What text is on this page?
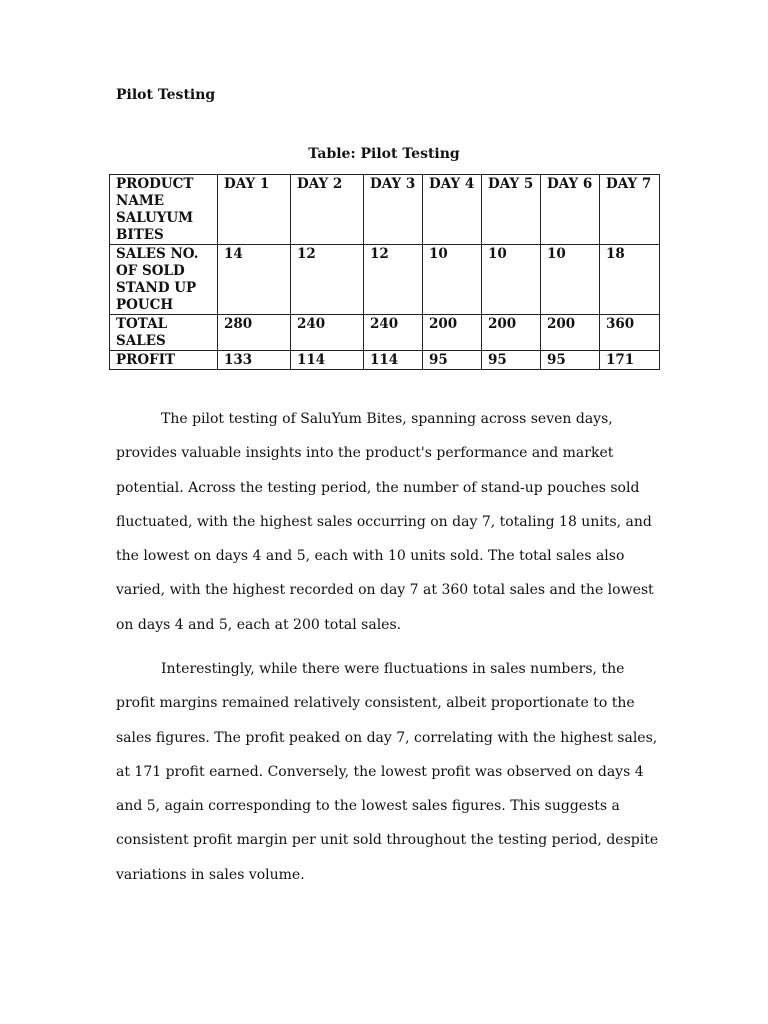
Pilot Testing
Table: Pilot Testing
PRODUCT NAME SALUYUM BITES	DAY 1	DAY 2	DAY 3	DAY 4	DAY 5	DAY 6	DAY 7
SALES NO. OF SOLD STAND UP POUCH	14	12	12	10	10	10	18
TOTAL SALES	280	240	240	200	200	200	360
PROFIT	133	114	114	95	95	95	171

The pilot testing of SaluYum Bites, spanning across seven days, provides valuable insights into the product's performance and market potential. Across the testing period, the number of stand-up pouches sold fluctuated, with the highest sales occurring on day 7, totaling 18 units, and the lowest on days 4 and 5, each with 10 units sold. The total sales also varied, with the highest recorded on day 7 at 360 total sales and the lowest on days 4 and 5, each at 200 total sales.

Interestingly, while there were fluctuations in sales numbers, the profit margins remained relatively consistent, albeit proportionate to the sales figures. The profit peaked on day 7, correlating with the highest sales, at 171 profit earned. Conversely, the lowest profit was observed on days 4 and 5, again corresponding to the lowest sales figures. This suggests a consistent profit margin per unit sold throughout the testing period, despite variations in sales volume.
